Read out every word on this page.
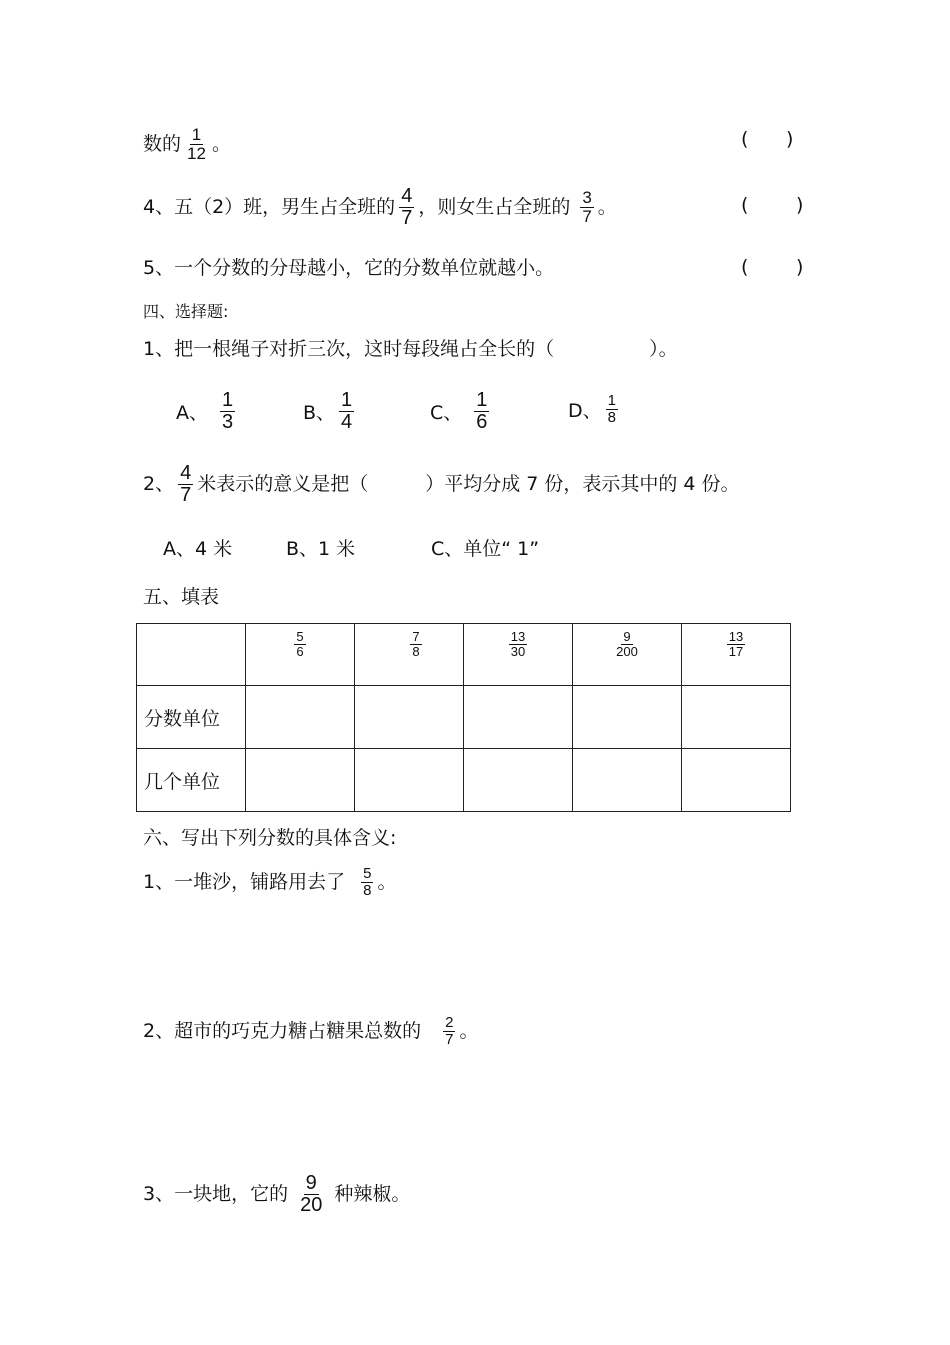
数的 $\frac{1}{12}$ 。	( )
4、五（2）班，男生占全班的 $\frac{4}{7}$ ，则女生占全班的 $\frac{3}{7}$ 。	(	)
5、一个分数的分母越小，它的分数单位就越小。	(	)
四、选择题:
1、把一根绳子对折三次，这时每段绳占全长的（　　　　　）。
A、 $\frac{1}{3}$	B、 $\frac{1}{4}$	C、 $\frac{1}{6}$	D、 $\frac{1}{8}$
2、 $\frac{4}{7}$ 米表示的意义是把（　　　）平均分成 7 份，表示其中的 4 份。
A、4 米	B、1 米	C、单位“ 1”
五、填表

	$\frac{5}{6}$	$\frac{7}{8}$	$\frac{13}{30}$	$\frac{9}{200}$	$\frac{13}{17}$

分数单位					
几个单位					
六、写出下列分数的具体含义:
1、一堆沙，铺路用去了 $\frac{5}{8}$ 。
2、超市的巧克力糖占糖果总数的 $\frac{2}{7}$ 。
3、一块地，它的 $\frac{9}{20}$ 种辣椒。
